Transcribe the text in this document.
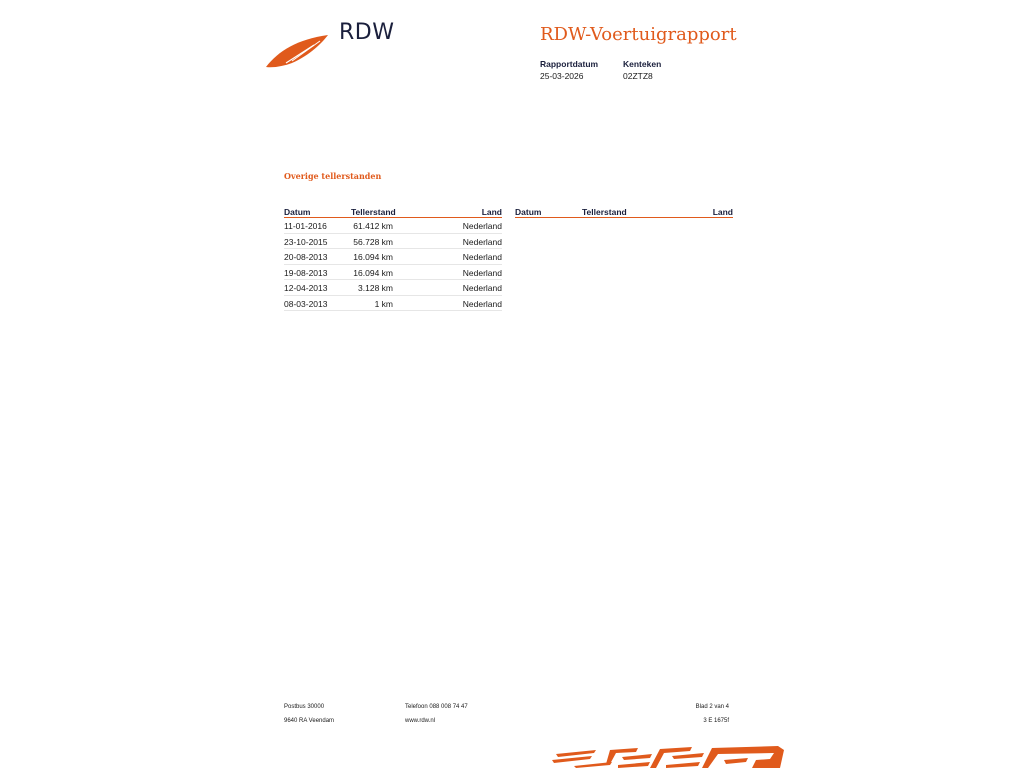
RDW	RDW-Voertuigrapport
Rapportdatum
25-03-2026
Kenteken
02ZTZ8
Overige tellerstanden
Datum	Tellerstand	Land
11-01-2016	61.412 km	Nederland
23-10-2015	56.728 km	Nederland
20-08-2013	16.094 km	Nederland
19-08-2013	16.094 km	Nederland
12-04-2013	3.128 km	Nederland
08-03-2013	1 km	Nederland
Datum	Tellerstand	Land
Postbus 30000
9640 RA Veendam
Telefoon 088 008 74 47
www.rdw.nl
Blad 2 van 4
3 E 1675f
